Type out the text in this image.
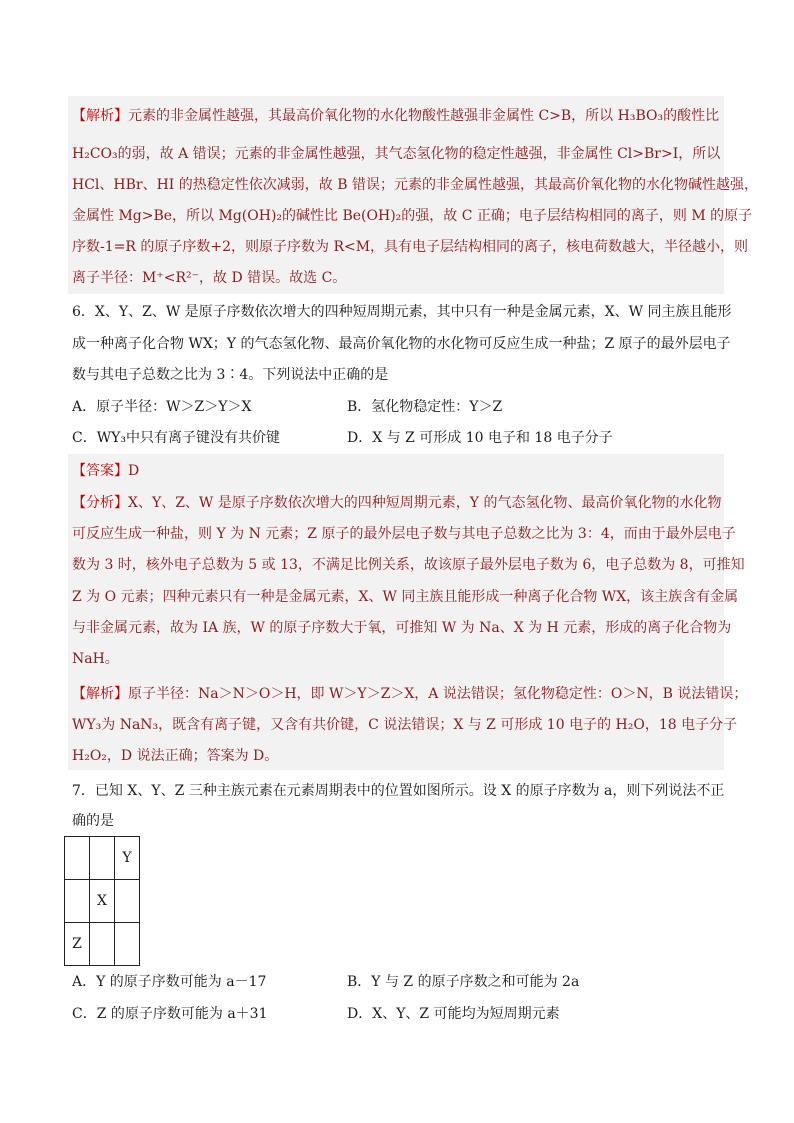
【解析】元素的非金属性越强，其最高价氧化物的水化物酸性越强非金属性 C>B，所以 H₃BO₃的酸性比
H₂CO₃的弱，故 A 错误；元素的非金属性越强，其气态氢化物的稳定性越强，非金属性 Cl>Br>I，所以
HCl、HBr、HI 的热稳定性依次减弱，故 B 错误；元素的非金属性越强，其最高价氧化物的水化物碱性越强，
金属性 Mg>Be，所以 Mg(OH)₂的碱性比 Be(OH)₂的强，故 C 正确；电子层结构相同的离子，则 M 的原子
序数-1=R 的原子序数+2，则原子序数为 R<M，具有电子层结构相同的离子，核电荷数越大，半径越小，则
离子半径：M⁺<R²⁻，故 D 错误。故选 C。
6．X、Y、Z、W 是原子序数依次增大的四种短周期元素，其中只有一种是金属元素，X、W 同主族且能形
成一种离子化合物 WX；Y 的气态氢化物、最高价氧化物的水化物可反应生成一种盐；Z 原子的最外层电子
数与其电子总数之比为 3∶4。下列说法中正确的是
A．原子半径：W＞Z＞Y＞X	B．氢化物稳定性：Y＞Z
C．WY₃中只有离子键没有共价键	D．X 与 Z 可形成 10 电子和 18 电子分子
【答案】D
【分析】X、Y、Z、W 是原子序数依次增大的四种短周期元素，Y 的气态氢化物、最高价氧化物的水化物
可反应生成一种盐，则 Y 为 N 元素；Z 原子的最外层电子数与其电子总数之比为 3：4，而由于最外层电子
数为 3 时，核外电子总数为 5 或 13，不满足比例关系，故该原子最外层电子数为 6，电子总数为 8，可推知
Z 为 O 元素；四种元素只有一种是金属元素，X、W 同主族且能形成一种离子化合物 WX，该主族含有金属
与非金属元素，故为 IA 族，W 的原子序数大于氧，可推知 W 为 Na、X 为 H 元素，形成的离子化合物为
NaH。
【解析】原子半径：Na＞N＞O＞H，即 W＞Y＞Z＞X，A 说法错误；氢化物稳定性：O＞N，B 说法错误；
WY₃为 NaN₃，既含有离子键，又含有共价键，C 说法错误；X 与 Z 可形成 10 电子的 H₂O，18 电子分子
H₂O₂，D 说法正确；答案为 D。
7．已知 X、Y、Z 三种主族元素在元素周期表中的位置如图所示。设 X 的原子序数为 a，则下列说法不正
确的是
		Y
	X	
Z		
A．Y 的原子序数可能为 a－17	B．Y 与 Z 的原子序数之和可能为 2a
C．Z 的原子序数可能为 a＋31	D．X、Y、Z 可能均为短周期元素
